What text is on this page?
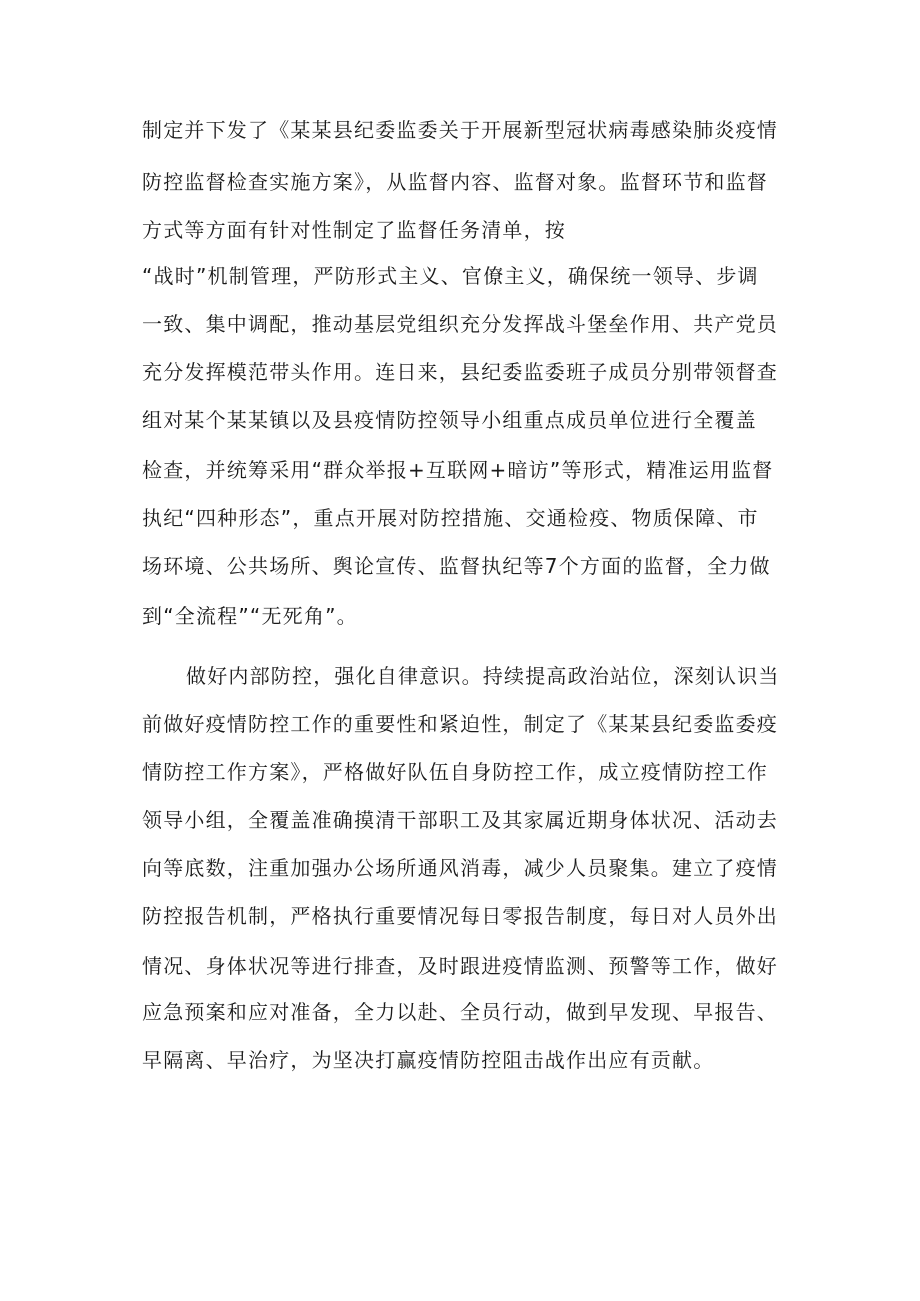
制定并下发了《某某县纪委监委关于开展新型冠状病毒感染肺炎疫情

防控监督检查实施方案》，从监督内容、监督对象。监督环节和监督

方式等方面有针对性制定了监督任务清单，按

“战时”机制管理，严防形式主义、官僚主义，确保统一领导、步调

一致、集中调配，推动基层党组织充分发挥战斗堡垒作用、共产党员

充分发挥模范带头作用。连日来，县纪委监委班子成员分别带领督查

组对某个某某镇以及县疫情防控领导小组重点成员单位进行全覆盖

检查，并统筹采用“群众举报+互联网+暗访”等形式，精准运用监督

执纪“四种形态”，重点开展对防控措施、交通检疫、物质保障、市

场环境、公共场所、舆论宣传、监督执纪等7个方面的监督，全力做

到“全流程”“无死角”。

做好内部防控，强化自律意识。持续提高政治站位，深刻认识当

前做好疫情防控工作的重要性和紧迫性，制定了《某某县纪委监委疫

情防控工作方案》，严格做好队伍自身防控工作，成立疫情防控工作

领导小组，全覆盖准确摸清干部职工及其家属近期身体状况、活动去

向等底数，注重加强办公场所通风消毒，减少人员聚集。建立了疫情

防控报告机制，严格执行重要情况每日零报告制度，每日对人员外出

情况、身体状况等进行排查，及时跟进疫情监测、预警等工作，做好

应急预案和应对准备，全力以赴、全员行动，做到早发现、早报告、

早隔离、早治疗，为坚决打赢疫情防控阻击战作出应有贡献。
